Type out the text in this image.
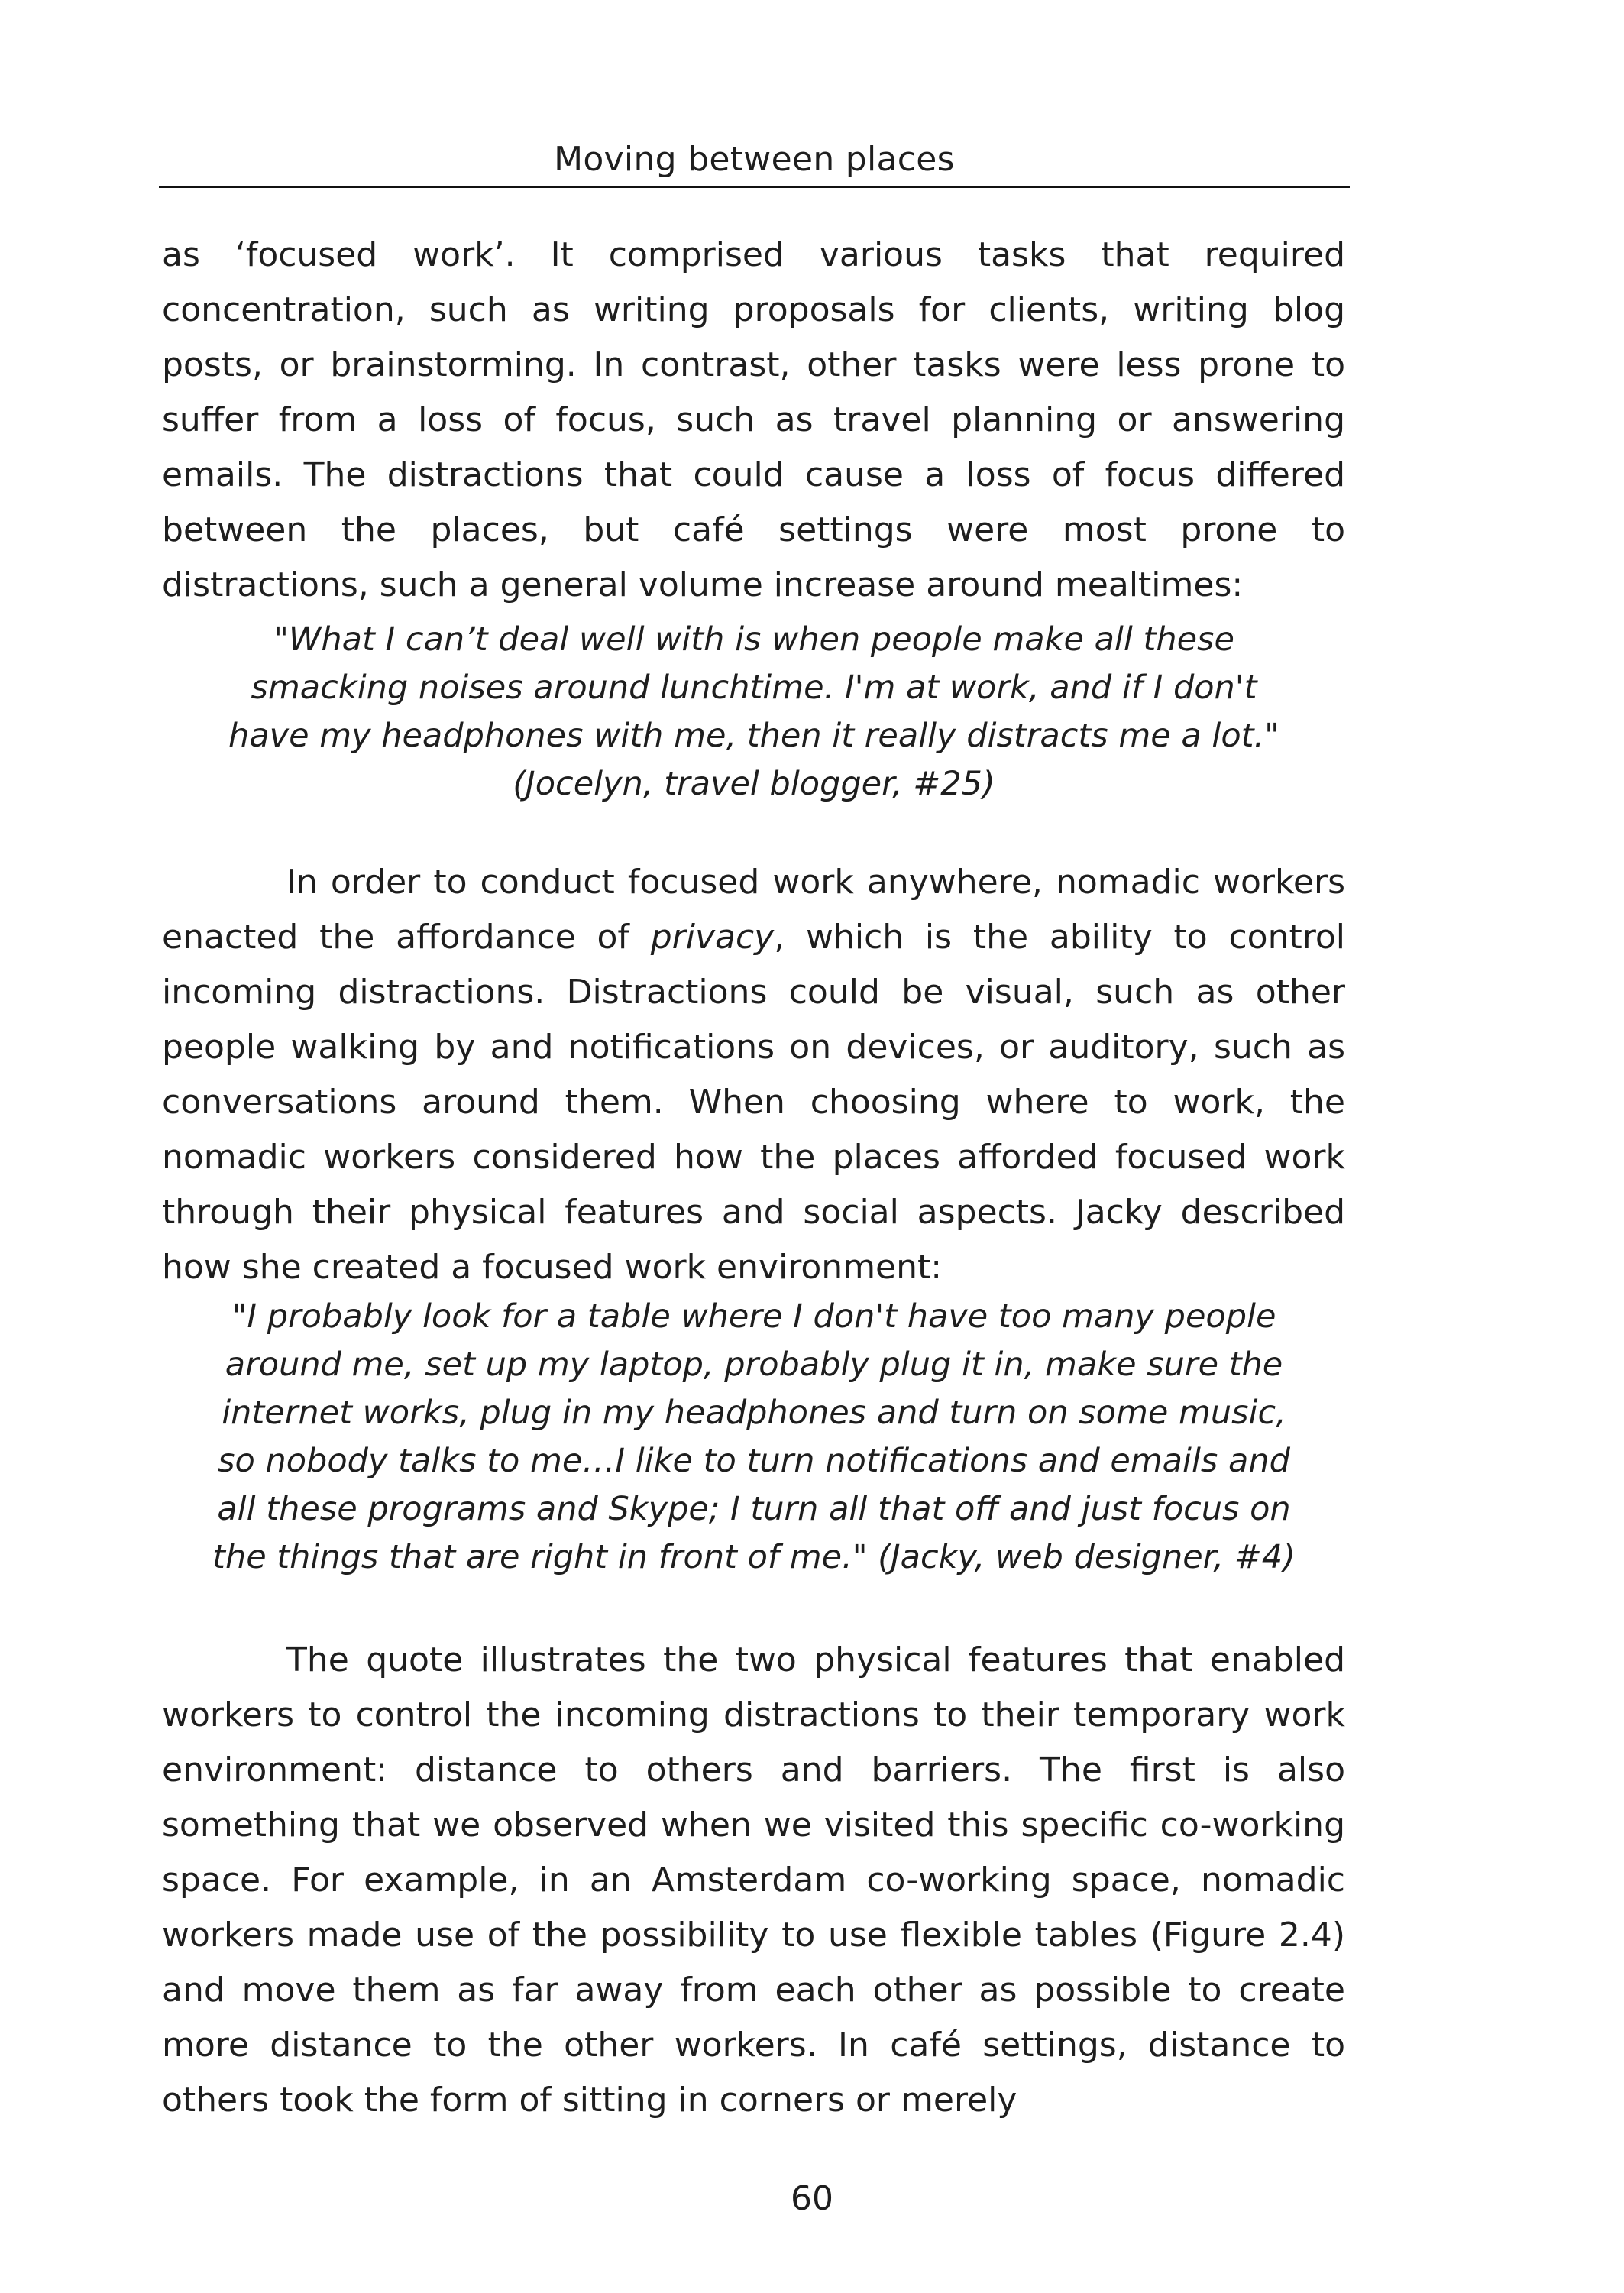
Moving between places

as ‘focused work’. It comprised various tasks that required concentration, such as writing proposals for clients, writing blog posts, or brainstorming. In contrast, other tasks were less prone to suffer from a loss of focus, such as travel planning or answering emails. The distractions that could cause a loss of focus differed between the places, but café settings were most prone to distractions, such a general volume increase around mealtimes:

"What I can’t deal well with is when people make all these smacking noises around lunchtime. I'm at work, and if I don't have my headphones with me, then it really distracts me a lot." (Jocelyn, travel blogger, #25)

In order to conduct focused work anywhere, nomadic workers enacted the affordance of privacy, which is the ability to control incoming distractions. Distractions could be visual, such as other people walking by and notifications on devices, or auditory, such as conversations around them. When choosing where to work, the nomadic workers considered how the places afforded focused work through their physical features and social aspects. Jacky described how she created a focused work environment:

"I probably look for a table where I don't have too many people around me, set up my laptop, probably plug it in, make sure the internet works, plug in my headphones and turn on some music, so nobody talks to me…I like to turn notifications and emails and all these programs and Skype; I turn all that off and just focus on the things that are right in front of me." (Jacky, web designer, #4)

The quote illustrates the two physical features that enabled workers to control the incoming distractions to their temporary work environment: distance to others and barriers. The first is also something that we observed when we visited this specific co-working space. For example, in an Amsterdam co-working space, nomadic workers made use of the possibility to use flexible tables (Figure 2.4) and move them as far away from each other as possible to create more distance to the other workers. In café settings, distance to others took the form of sitting in corners or merely

60
